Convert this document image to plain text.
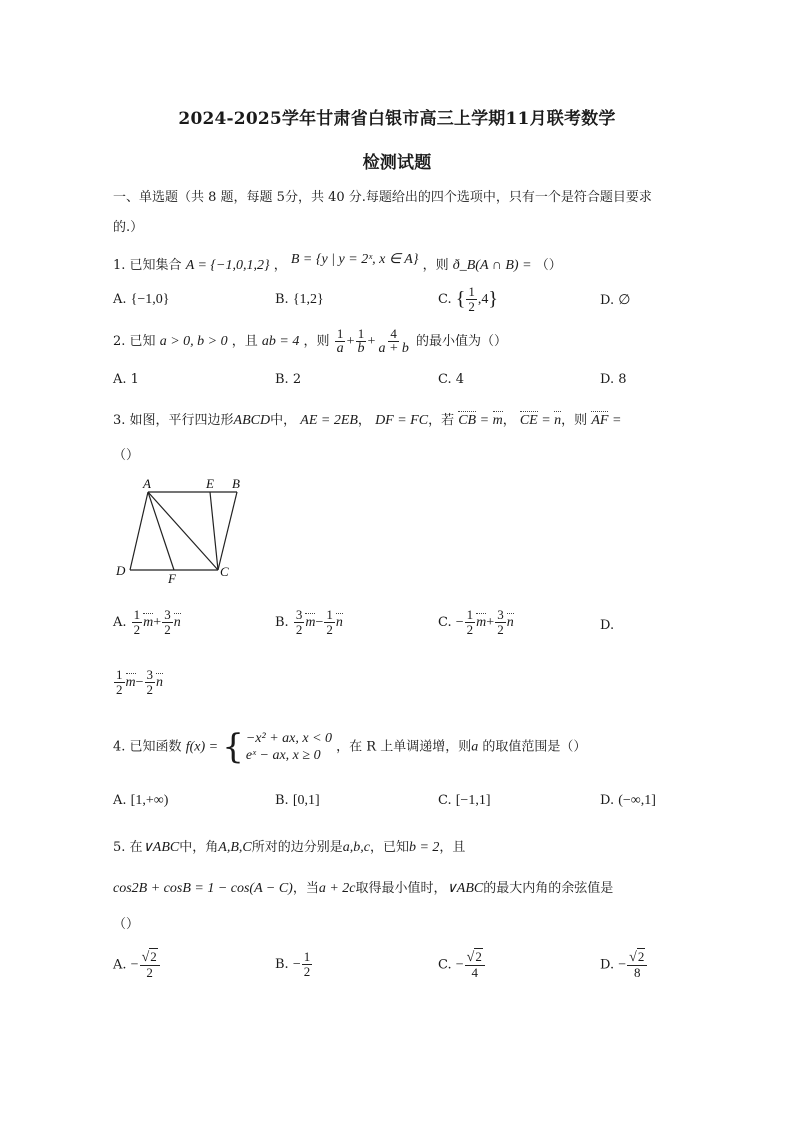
2024-2025学年甘肃省白银市高三上学期11月联考数学
检测试题
一、单选题（共 8 题，每题 5分，共 40 分.每题给出的四个选项中，只有一个是符合题目要求
的.）
1. 已知集合 A = {−1,0,1,2} ， B = {y | y = 2ˣ, x ∈ A} ，则 ð_B(A ∩ B) = （）
A. {−1,0}	B. {1,2}	C. { $\frac{1}{2} ,4$}	D. ∅
2. 已知 a > 0, b > 0 ，且 ab = 4 ，则 $\frac{1}{a} + \frac{1}{b} + \frac{4}{a + b}$ 的最小值为（）
A. 1	B. 2	C. 4	D. 8
3. 如图，平行四边形ABCD中， AE = 2EB， DF = FC，若 CB = m， CE = n，则 AF =
（）
A	E B
D
F	C
A. $\frac{1}{2} m+ \frac{3}{2}$ n	B. $\frac{3}{2} m- \frac{1}{2}$ n	C. − $\frac{1}{2} m+ \frac{3}{2}$ n	D.
$\frac{1}{2} m- \frac{3}{2}$ n
4. 已知函数 f(x) = { −x² + ax, x < 0
eˣ − ax, x ≥ 0
，在 R 上单调递增，则a 的取值范围是（）
A. [1,+∞)	B. [0,1]	C. [−1,1]	D. (−∞,1]
5. 在∨ABC中，角A,B,C所对的边分别是a,b,c，已知b = 2，且
cos2B + cosB = 1 − cos(A − C)，当a + 2c取得最小值时，∨ABC的最大内角的余弦值是
（）
A. − $\frac{√2}{2}$	B. − $\frac{1}{2}$	C. − $\frac{√2}{4}$	D. − $\frac{√2}{8}$
